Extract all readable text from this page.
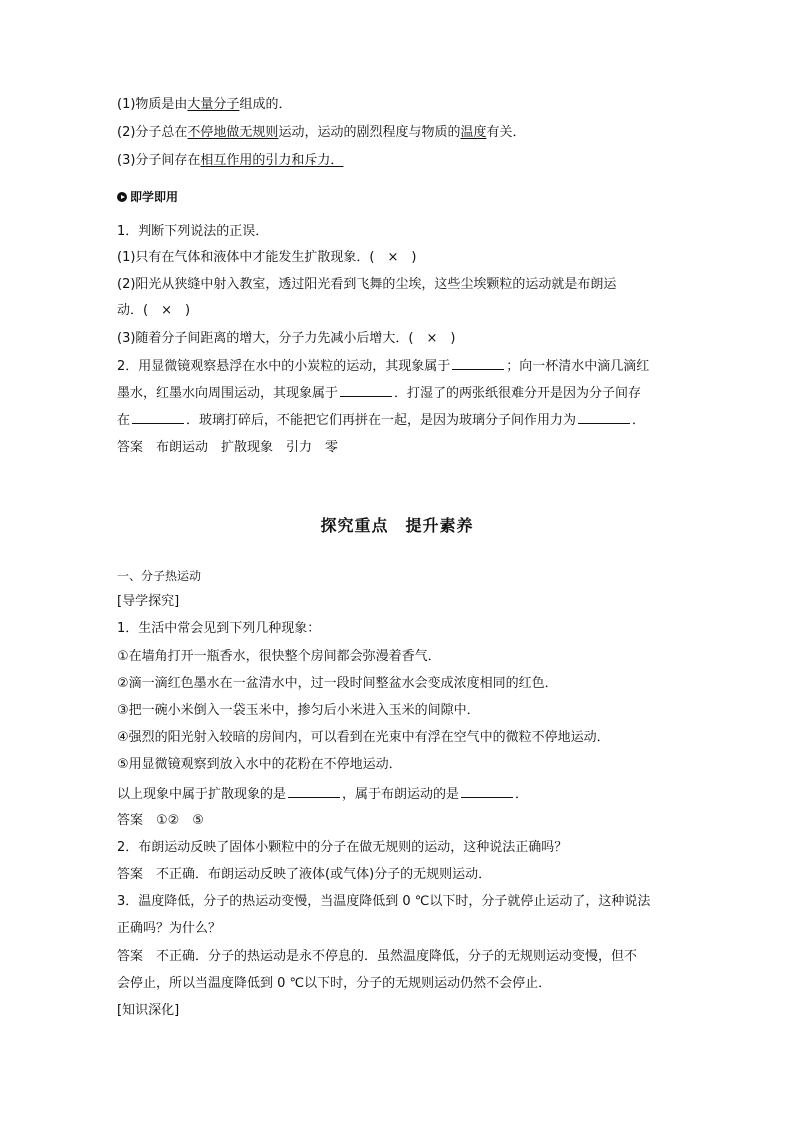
(1)物质是由大量分子组成的．
(2)分子总在不停地做无规则运动，运动的剧烈程度与物质的温度有关．
(3)分子间存在相互作用的引力和斥力．
即学即用
1．判断下列说法的正误．
(1)只有在气体和液体中才能发生扩散现象．(　×　)
(2)阳光从狭缝中射入教室，透过阳光看到飞舞的尘埃，这些尘埃颗粒的运动就是布朗运
动．(　×　)
(3)随着分子间距离的增大，分子力先减小后增大．(　×　)
2．用显微镜观察悬浮在水中的小炭粒的运动，其现象属于	；向一杯清水中滴几滴红
墨水，红墨水向周围运动，其现象属于	．打湿了的两张纸很难分开是因为分子间存
在	．玻璃打碎后，不能把它们再拼在一起，是因为玻璃分子间作用力为	．
答案　布朗运动　扩散现象　引力　零
探究重点　提升素养
一、分子热运动
[导学探究]
1．生活中常会见到下列几种现象：
①在墙角打开一瓶香水，很快整个房间都会弥漫着香气．
②滴一滴红色墨水在一盆清水中，过一段时间整盆水会变成浓度相同的红色．
③把一碗小米倒入一袋玉米中，掺匀后小米进入玉米的间隙中．
④强烈的阳光射入较暗的房间内，可以看到在光束中有浮在空气中的微粒不停地运动．
⑤用显微镜观察到放入水中的花粉在不停地运动．
以上现象中属于扩散现象的是	，属于布朗运动的是	．
答案　①②　⑤
2．布朗运动反映了固体小颗粒中的分子在做无规则的运动，这种说法正确吗？
答案　不正确．布朗运动反映了液体(或气体)分子的无规则运动．
3．温度降低，分子的热运动变慢，当温度降低到 0 ℃以下时，分子就停止运动了，这种说法
正确吗？为什么？
答案　不正确．分子的热运动是永不停息的．虽然温度降低，分子的无规则运动变慢，但不
会停止，所以当温度降低到 0 ℃以下时，分子的无规则运动仍然不会停止．
[知识深化]
